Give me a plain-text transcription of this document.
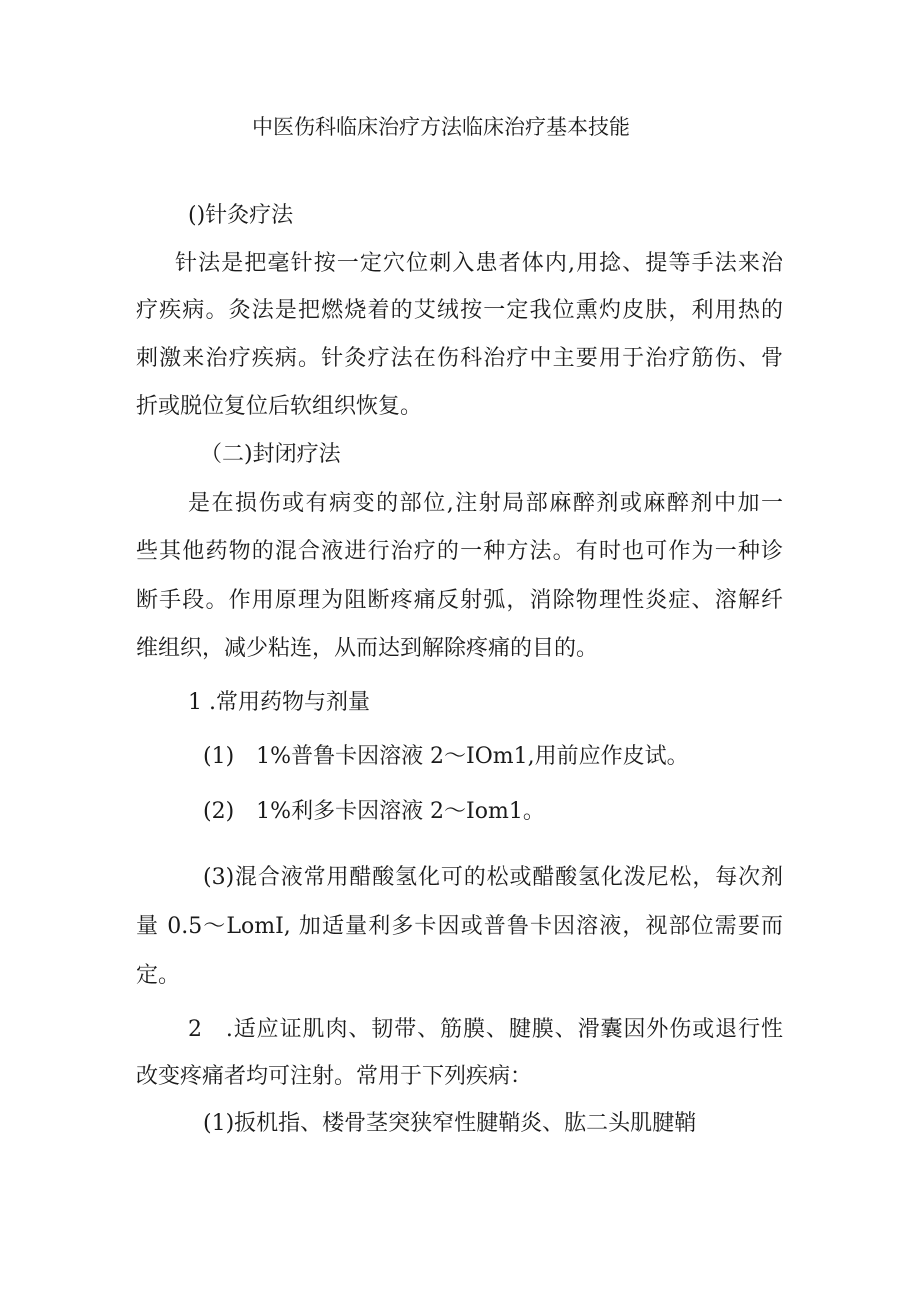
中医伤科临床治疗方法临床治疗基本技能
()针灸疗法
针法是把毫针按一定穴位刺入患者体内,用捻、提等手法来治
疗疾病。灸法是把燃烧着的艾绒按一定我位熏灼皮肤，利用热的
刺激来治疗疾病。针灸疗法在伤科治疗中主要用于治疗筋伤、骨
折或脱位复位后软组织恢复。
（二)封闭疗法
是在损伤或有病变的部位,注射局部麻醉剂或麻醉剂中加一
些其他药物的混合液进行治疗的一种方法。有时也可作为一种诊
断手段。作用原理为阻断疼痛反射弧，消除物理性炎症、溶解纤
维组织，减少粘连，从而达到解除疼痛的目的。
1 .常用药物与剂量
(1)　1%普鲁卡因溶液 2～IOm1,用前应作皮试。
(2)　1%利多卡因溶液 2～Iom1。
(3)混合液常用醋酸氢化可的松或醋酸氢化泼尼松，每次剂
量 0.5～LomI, 加适量利多卡因或普鲁卡因溶液，视部位需要而
定。
2　.适应证肌肉、韧带、筋膜、腱膜、滑囊因外伤或退行性
改变疼痛者均可注射。常用于下列疾病：
(1)扳机指、楼骨茎突狭窄性腱鞘炎、肱二头肌腱鞘
